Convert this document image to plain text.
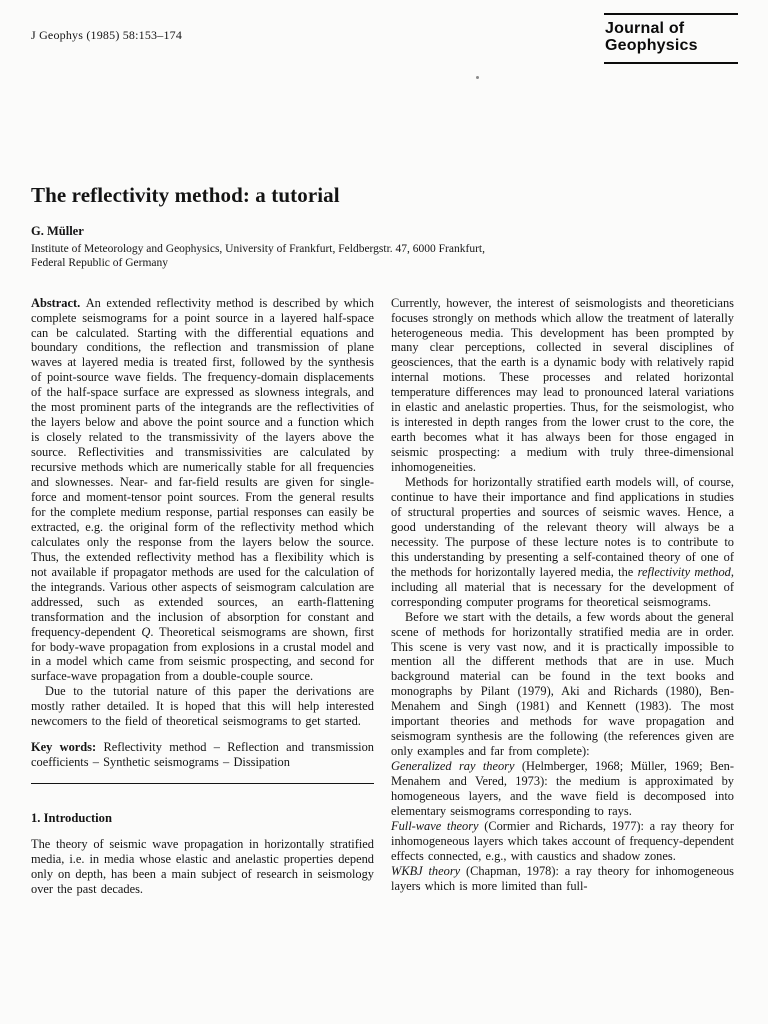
J Geophys (1985) 58:153–174	Journal of
Geophysics
The reflectivity method: a tutorial
G. Müller
Institute of Meteorology and Geophysics, University of Frankfurt, Feldbergstr. 47, 6000 Frankfurt,
Federal Republic of Germany

Abstract. An extended reflectivity method is described by which complete seismograms for a point source in a layered half-space can be calculated. Starting with the differential equations and boundary conditions, the reflection and transmission of plane waves at layered media is treated first, followed by the synthesis of point-source wave fields. The frequency-domain displacements of the half-space surface are expressed as slowness integrals, and the most prominent parts of the integrands are the reflectivities of the layers below and above the point source and a function which is closely related to the transmissivity of the layers above the source. Reflectivities and transmissivities are calculated by recursive methods which are numerically stable for all frequencies and slownesses. Near- and far-field results are given for single-force and moment-tensor point sources. From the general results for the complete medium response, partial responses can easily be extracted, e.g. the original form of the reflectivity method which calculates only the response from the layers below the source. Thus, the extended reflectivity method has a flexibility which is not available if propagator methods are used for the calculation of the integrands. Various other aspects of seismogram calculation are addressed, such as extended sources, an earth-flattening transformation and the inclusion of absorption for constant and frequency-dependent Q. Theoretical seismograms are shown, first for body-wave propagation from explosions in a crustal model and in a model which came from seismic prospecting, and second for surface-wave propagation from a double-couple source.

Due to the tutorial nature of this paper the derivations are mostly rather detailed. It is hoped that this will help interested newcomers to the field of theoretical seismograms to get started.

Key words: Reflectivity method – Reflection and transmission coefficients – Synthetic seismograms – Dissipation

1. Introduction

The theory of seismic wave propagation in horizontally stratified media, i.e. in media whose elastic and anelastic properties depend only on depth, has been a main subject of research in seismology over the past decades.

Currently, however, the interest of seismologists and theoreticians focuses strongly on methods which allow the treatment of laterally heterogeneous media. This development has been prompted by many clear perceptions, collected in several disciplines of geosciences, that the earth is a dynamic body with relatively rapid internal motions. These processes and related horizontal temperature differences may lead to pronounced lateral variations in elastic and anelastic properties. Thus, for the seismologist, who is interested in depth ranges from the lower crust to the core, the earth becomes what it has always been for those engaged in seismic prospecting: a medium with truly three-dimensional inhomogeneities.

Methods for horizontally stratified earth models will, of course, continue to have their importance and find applications in studies of structural properties and sources of seismic waves. Hence, a good understanding of the relevant theory will always be a necessity. The purpose of these lecture notes is to contribute to this understanding by presenting a self-contained theory of one of the methods for horizontally layered media, the reflectivity method, including all material that is necessary for the development of corresponding computer programs for theoretical seismograms.

Before we start with the details, a few words about the general scene of methods for horizontally stratified media are in order. This scene is very vast now, and it is practically impossible to mention all the different methods that are in use. Much background material can be found in the text books and monographs by Pilant (1979), Aki and Richards (1980), Ben-Menahem and Singh (1981) and Kennett (1983). The most important theories and methods for wave propagation and seismogram synthesis are the following (the references given are only examples and far from complete):

Generalized ray theory (Helmberger, 1968; Müller, 1969; Ben-Menahem and Vered, 1973): the medium is approximated by homogeneous layers, and the wave field is decomposed into elementary seismograms corresponding to rays.

Full-wave theory (Cormier and Richards, 1977): a ray theory for inhomogeneous layers which takes account of frequency-dependent effects connected, e.g., with caustics and shadow zones.

WKBJ theory (Chapman, 1978): a ray theory for inhomogeneous layers which is more limited than full-
